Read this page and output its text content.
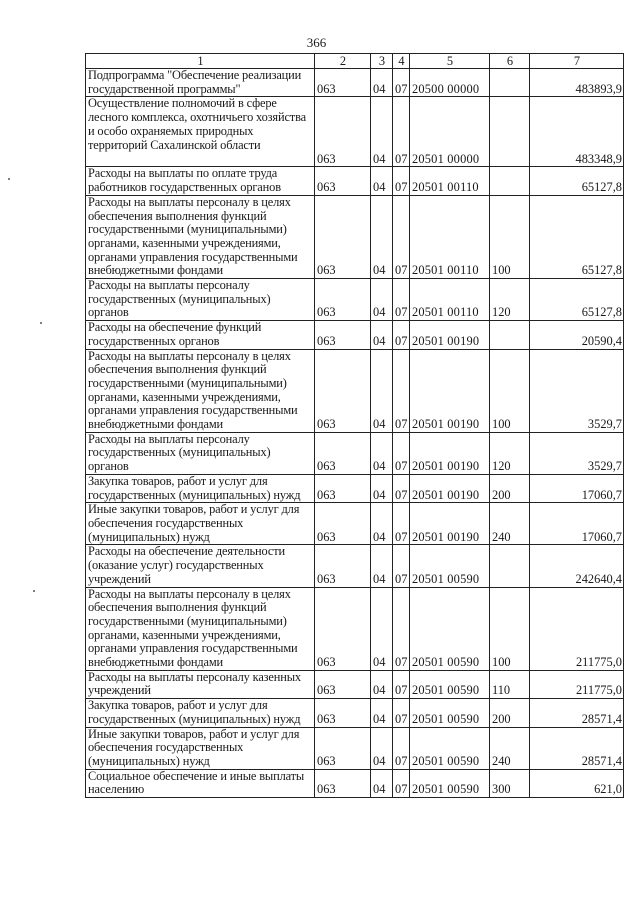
366
1	2	3	4	5	6	7
Подпрограмма "Обеспечение реализации государственной программы"	063	04	07	20500 00000		483893,9
Осуществление полномочий в сфере лесного комплекса, охотничьего хозяйства и особо охраняемых природных территорий Сахалинской области	063	04	07	20501 00000		483348,9
Расходы на выплаты по оплате труда работников государственных органов	063	04	07	20501 00110		65127,8
Расходы на выплаты персоналу в целях обеспечения выполнения функций государственными (муниципальными) органами, казенными учреждениями, органами управления государственными внебюджетными фондами	063	04	07	20501 00110	100	65127,8
Расходы на выплаты персоналу государственных (муниципальных) органов	063	04	07	20501 00110	120	65127,8
Расходы на обеспечение функций государственных органов	063	04	07	20501 00190		20590,4
Расходы на выплаты персоналу в целях обеспечения выполнения функций государственными (муниципальными) органами, казенными учреждениями, органами управления государственными внебюджетными фондами	063	04	07	20501 00190	100	3529,7
Расходы на выплаты персоналу государственных (муниципальных) органов	063	04	07	20501 00190	120	3529,7
Закупка товаров, работ и услуг для государственных (муниципальных) нужд	063	04	07	20501 00190	200	17060,7
Иные закупки товаров, работ и услуг для обеспечения государственных (муниципальных) нужд	063	04	07	20501 00190	240	17060,7
Расходы на обеспечение деятельности (оказание услуг) государственных учреждений	063	04	07	20501 00590		242640,4
Расходы на выплаты персоналу в целях обеспечения выполнения функций государственными (муниципальными) органами, казенными учреждениями, органами управления государственными внебюджетными фондами	063	04	07	20501 00590	100	211775,0
Расходы на выплаты персоналу казенных учреждений	063	04	07	20501 00590	110	211775,0
Закупка товаров, работ и услуг для государственных (муниципальных) нужд	063	04	07	20501 00590	200	28571,4
Иные закупки товаров, работ и услуг для обеспечения государственных (муниципальных) нужд	063	04	07	20501 00590	240	28571,4
Социальное обеспечение и иные выплаты населению	063	04	07	20501 00590	300	621,0
